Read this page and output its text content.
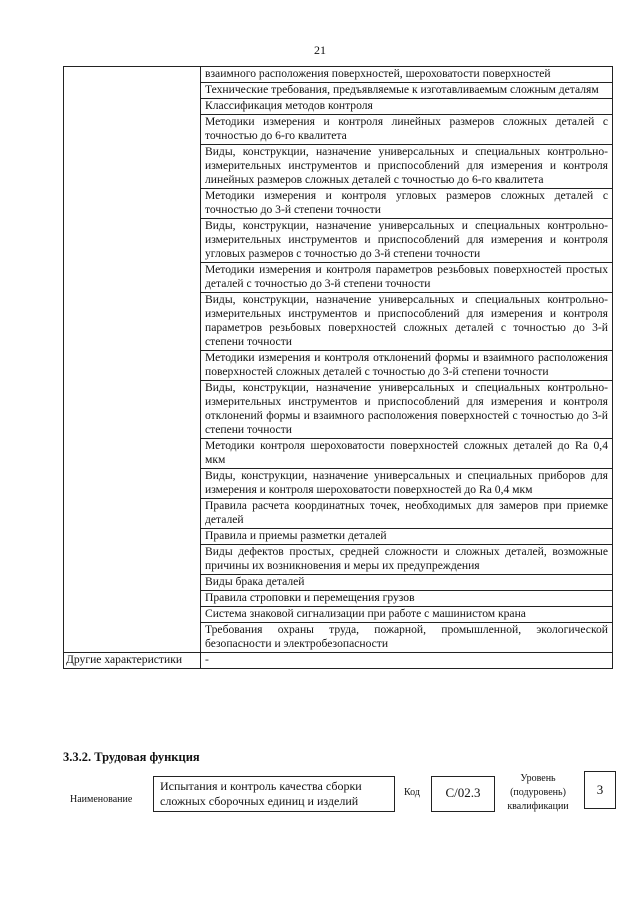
21
	взаимного расположения поверхностей, шероховатости поверхностей
	Технические требования, предъявляемые к изготавливаемым сложным деталям
	Классификация методов контроля
	Методики измерения и контроля линейных размеров сложных деталей с точностью до 6-го квалитета
	Виды, конструкции, назначение универсальных и специальных контрольно-измерительных инструментов и приспособлений для измерения и контроля линейных размеров сложных деталей с точностью до 6-го квалитета
	Методики измерения и контроля угловых размеров сложных деталей с точностью до 3-й степени точности
	Виды, конструкции, назначение универсальных и специальных контрольно-измерительных инструментов и приспособлений для измерения и контроля угловых размеров с точностью до 3-й степени точности
	Методики измерения и контроля параметров резьбовых поверхностей простых деталей с точностью до 3-й степени точности
	Виды, конструкции, назначение универсальных и специальных контрольно-измерительных инструментов и приспособлений для измерения и контроля параметров резьбовых поверхностей сложных деталей с точностью до 3-й степени точности
	Методики измерения и контроля отклонений формы и взаимного расположения поверхностей сложных деталей с точностью до 3-й степени точности
	Виды, конструкции, назначение универсальных и специальных контрольно-измерительных инструментов и приспособлений для измерения и контроля отклонений формы и взаимного расположения поверхностей с точностью до 3-й степени точности
	Методики контроля шероховатости поверхностей сложных деталей до Ra 0,4 мкм
	Виды, конструкции, назначение универсальных и специальных приборов для измерения и контроля шероховатости поверхностей до Ra 0,4 мкм
	Правила расчета координатных точек, необходимых для замеров при приемке деталей
	Правила и приемы разметки деталей
	Виды дефектов простых, средней сложности и сложных деталей, возможные причины их возникновения и меры их предупреждения
	Виды брака деталей
	Правила строповки и перемещения грузов
	Система знаковой сигнализации при работе с машинистом крана
	Требования охраны труда, пожарной, промышленной, экологической безопасности и электробезопасности
Другие характеристики	-
3.3.2. Трудовая функция
Наименование
Испытания и контроль качества сборки сложных сборочных единиц и изделий
Код	С/02.3
Уровень (подуровень) квалификации
3
